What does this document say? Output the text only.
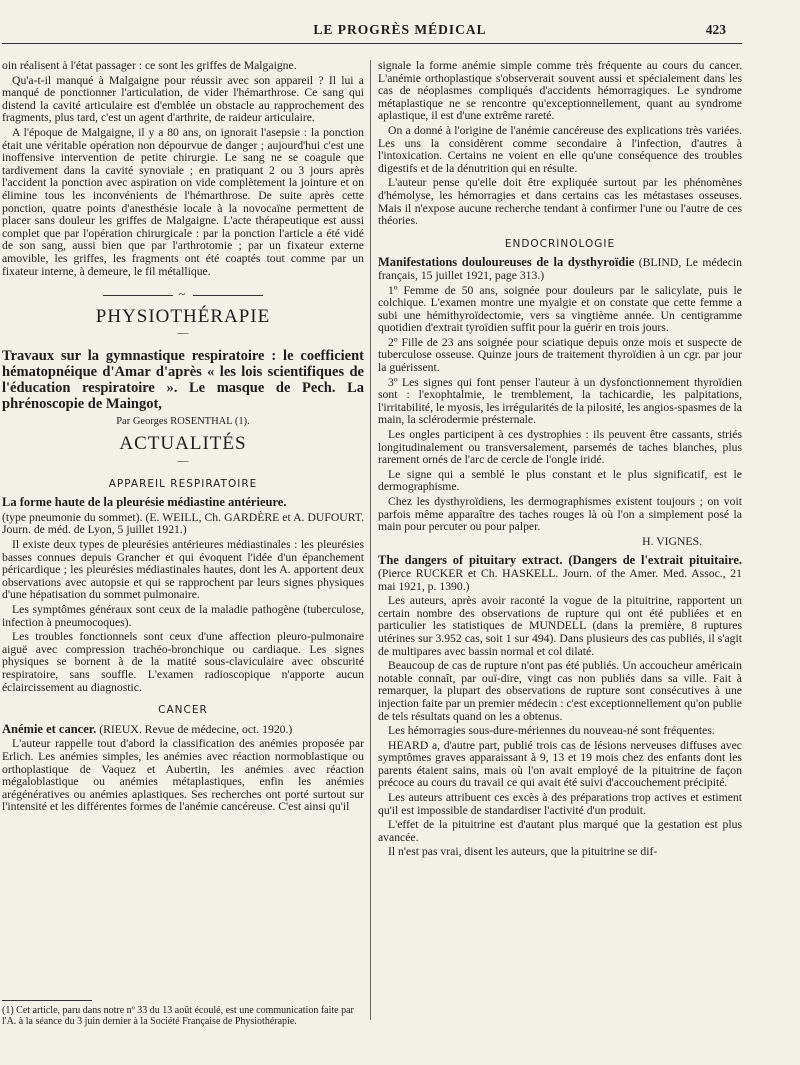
LE PROGRÈS MÉDICAL	423

oin réalisent à l'état passager : ce sont les griffes de Malgaigne.

Qu'a-t-il manqué à Malgaigne pour réussir avec son appareil ? Il lui a manqué de ponctionner l'articulation, de vider l'hémarthrose. Ce sang qui distend la cavité articulaire est d'emblée un obstacle au rapprochement des fragments, plus tard, c'est un agent d'arthrite, de raideur articulaire.

A l'époque de Malgaigne, il y a 80 ans, on ignorait l'asepsie : la ponction était une véritable opération non dépourvue de danger ; aujourd'hui c'est une inoffensive intervention de petite chirurgie. Le sang ne se coagule que tardivement dans la cavité synoviale ; en pratiquant 2 ou 3 jours après l'accident la ponction avec aspiration on vide complètement la jointure et on élimine tous les inconvénients de l'hémarthrose. De suite après cette ponction, quatre points d'anesthésie locale à la novocaïne permettent de placer sans douleur les griffes de Malgaigne. L'acte thérapeutique est aussi complet que par l'opération chirurgicale : par la ponction l'article a été vidé de son sang, aussi bien que par l'arthrotomie ; par un fixateur externe amovible, les griffes, les fragments ont été coaptés tout comme par un fixateur interne, à demeure, le fil métallique.

~
PHYSIOTHÉRAPIE
—
Travaux sur la gymnastique respiratoire : le coefficient hématopnéique d'Amar d'après « les lois scientifiques de l'éducation respiratoire ». Le masque de Pech. La phrénoscopie de Maingot,
Par Georges ROSENTHAL (1).
ACTUALITÉS
—
APPAREIL RESPIRATOIRE

La forme haute de la pleurésie médiastine antérieure.

(type pneumonie du sommet). (E. WEILL, Ch. GARDÈRE et A. DUFOURT. Journ. de méd. de Lyon, 5 juillet 1921.)

Il existe deux types de pleurésies antérieures médiastinales : les pleurésies basses connues depuis Grancher et qui évoquent l'idée d'un épanchement péricardique ; les pleurésies médiastinales hautes, dont les A. apportent deux observations avec autopsie et qui se rapprochent par leurs signes physiques d'une hépatisation du sommet pulmonaire.

Les symptômes généraux sont ceux de la maladie pathogène (tuberculose, infection à pneumocoques).

Les troubles fonctionnels sont ceux d'une affection pleuro-pulmonaire aiguë avec compression trachéo-bronchique ou cardiaque. Les signes physiques se bornent à de la matité sous-claviculaire avec obscurité respiratoire, sans souffle. L'examen radioscopique n'apporte aucun éclaircissement au diagnostic.

CANCER

Anémie et cancer. (RIEUX. Revue de médecine, oct. 1920.)

L'auteur rappelle tout d'abord la classification des anémies proposée par Erlich. Les anémies simples, les anémies avec réaction normoblastique ou orthoplastique de Vaquez et Aubertin, les anémies avec réaction mégaloblastique ou anémies métaplastiques, enfin les anémies arégénératives ou anémies aplastiques. Ses recherches ont porté surtout sur l'intensité et les différentes formes de l'anémie cancéreuse. C'est ainsi qu'il

(1) Cet article, paru dans notre nº 33 du 13 août écoulé, est une communication faite par l'A. à la séance du 3 juin dernier à la Société Française de Physiothérapie.

signale la forme anémie simple comme très fréquente au cours du cancer. L'anémie orthoplastique s'observerait souvent aussi et spécialement dans les cas de néoplasmes compliqués d'accidents hémorragiques. Le syndrome métaplastique ne se rencontre qu'exceptionnellement, quant au syndrome aplastique, il est d'une extrême rareté.

On a donné à l'origine de l'anémie cancéreuse des explications très variées. Les uns la considèrent comme secondaire à l'infection, d'autres à l'intoxication. Certains ne voient en elle qu'une conséquence des troubles digestifs et de la dénutrition qui en résulte.

L'auteur pense qu'elle doit être expliquée surtout par les phénomènes d'hémolyse, les hémorragies et dans certains cas les métastases osseuses. Mais il n'expose aucune recherche tendant à confirmer l'une ou l'autre de ces théories.

ENDOCRINOLOGIE

Manifestations douloureuses de la dysthyroïdie (BLIND, Le médecin français, 15 juillet 1921, page 313.)

1º Femme de 50 ans, soignée pour douleurs par le salicylate, puis le colchique. L'examen montre une myalgie et on constate que cette femme a subi une hémithyroïdectomie, vers sa vingtième année. Un centigramme quotidien d'extrait tyroïdien suffit pour la guérir en trois jours.

2º Fille de 23 ans soignée pour sciatique depuis onze mois et suspecte de tuberculose osseuse. Quinze jours de traitement thyroïdien à un cgr. par jour la guérissent.

3º Les signes qui font penser l'auteur à un dysfonctionnement thyroïdien sont : l'exophtalmie, le tremblement, la tachicardie, les palpitations, l'irritabilité, le myosis, les irrégularités de la pilosité, les angios-spasmes de la main, la sclérodermie présternale.

Les ongles participent à ces dystrophies : ils peuvent être cassants, striés longitudinalement ou transversalement, parsemés de taches blanches, plus rarement ornés de l'arc de cercle de l'ongle iridé.

Le signe qui a semblé le plus constant et le plus significatif, est le dermographisme.

Chez les dysthyroïdiens, les dermographismes existent toujours ; on voit parfois même apparaître des taches rouges là où l'on a simplement posé la main pour percuter ou pour palper.

H. VIGNES.

The dangers of pituitary extract. (Dangers de l'extrait pituitaire. (Pierce RUCKER et Ch. HASKELL. Journ. of the Amer. Med. Assoc., 21 mai 1921, p. 1390.)

Les auteurs, après avoir raconté la vogue de la pituitrine, rapportent un certain nombre des observations de rupture qui ont été publiées et en particulier les statistiques de MUNDELL (dans la première, 8 ruptures utérines sur 3.952 cas, soit 1 sur 494). Dans plusieurs des cas publiés, il s'agit de multipares avec bassin normal et col dilaté.

Beaucoup de cas de rupture n'ont pas été publiés. Un accoucheur américain notable connaît, par ouï-dire, vingt cas non publiés dans sa ville. Fait à remarquer, la plupart des observations de rupture sont consécutives à une injection faite par un premier médecin : c'est exceptionnellement qu'on publie de tels résultats quand on les a obtenus.

Les hémorragies sous-dure-mériennes du nouveau-né sont fréquentes.

HEARD a, d'autre part, publié trois cas de lésions nerveuses diffuses avec symptômes graves apparaissant à 9, 13 et 19 mois chez des enfants dont les parents étaient sains, mais où l'on avait employé de la pituitrine de façon précoce au cours du travail ce qui avait été suivi d'accouchement précipité.

Les auteurs attribuent ces excès à des préparations trop actives et estiment qu'il est impossible de standardiser l'activité d'un produit.

L'effet de la pituitrine est d'autant plus marqué que la gestation est plus avancée.

Il n'est pas vrai, disent les auteurs, que la pituitrine se dif-
